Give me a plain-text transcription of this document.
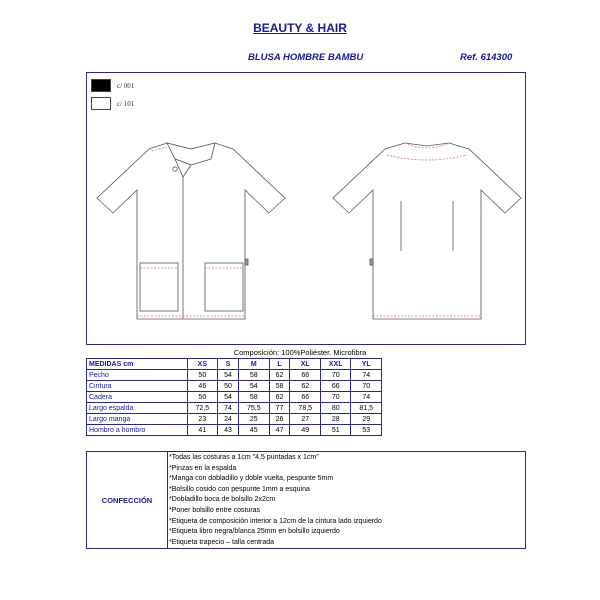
BEAUTY & HAIR
BLUSA HOMBRE BAMBU	Ref. 614300
c/ 001
c/ 101
Composición: 100%Poliéster. Microfibra
MEDIDAS cm	XS	S	M	L	XL	XXL	YL
Pecho	50	54	58	62	66	70	74
Cintura	46	50	54	58	62	66	70
Cadera	50	54	58	62	66	70	74
Largo espalda	72,5	74	75,5	77	78,5	80	81,5
Largo manga	23	24	25	26	27	28	29
Hombro a hombro	41	43	45	47	49	51	53
CONFECCIÓN
*Todas las costuras a 1cm "4,5 puntadas x 1cm"
*Pinzas en la espalda
*Manga con dobladillo y doble vuelta, pespunte 5mm
*Bolsillo cosido con pespunte 1mm a esquina
*Dobladillo boca de bolsillo 2x2cm
*Poner bolsillo entre costuras
*Etiqueta de composición interior a 12cm de la cintura lado izquierdo
*Etiqueta libro negra/blanca 25mm en bolsillo izquierdo
*Etiqueta trapecio – talla centrada
